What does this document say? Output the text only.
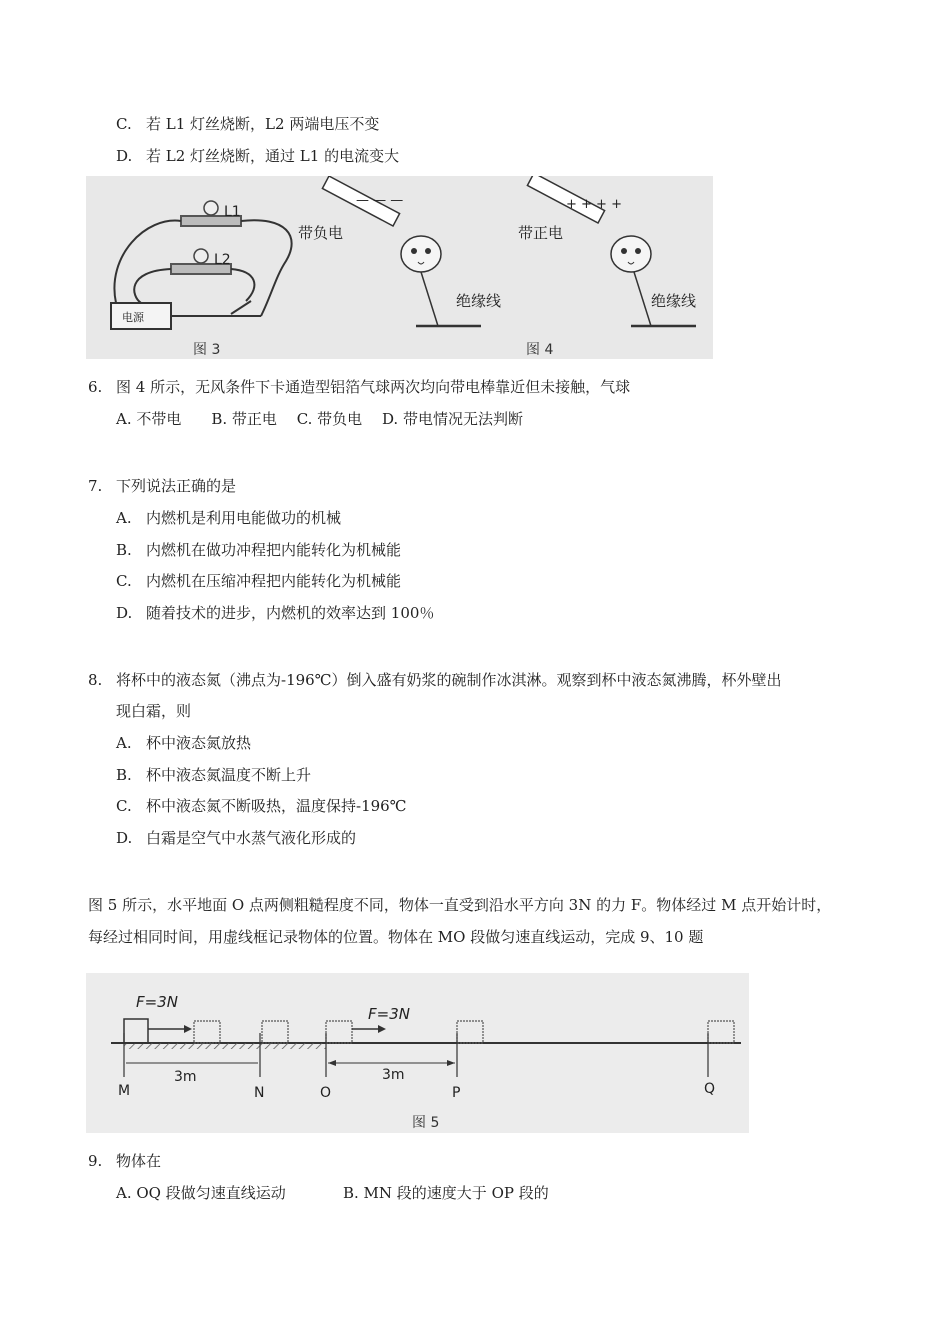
C. 若 L1 灯丝烧断，L2 两端电压不变
D. 若 L2 灯丝烧断，通过 L1 的电流变大
L1
L2
电源
图 3
— — —
带负电
绝缘线
图 4
+ + + +
带正电
绝缘线
6. 图 4 所示，无风条件下卡通造型铝箔气球两次均向带电棒靠近但未接触，气球
A. 不带电　　B. 带正电　 C. 带负电　 D. 带电情况无法判断
7. 下列说法正确的是
A. 内燃机是利用电能做功的机械
B. 内燃机在做功冲程把内能转化为机械能
C. 内燃机在压缩冲程把内能转化为机械能
D. 随着技术的进步，内燃机的效率达到 100％
8. 将杯中的液态氮（沸点为-196℃）倒入盛有奶浆的碗制作冰淇淋。观察到杯中液态氮沸腾，杯外壁出
现白霜，则
A. 杯中液态氮放热
B. 杯中液态氮温度不断上升
C. 杯中液态氮不断吸热，温度保持-196℃
D. 白霜是空气中水蒸气液化形成的
图 5 所示，水平地面 O 点两侧粗糙程度不同，物体一直受到沿水平方向 3N 的力 F。物体经过 M 点开始计时，
每经过相同时间，用虚线框记录物体的位置。物体在 MO 段做匀速直线运动，完成 9、10 题
F=3N
F=3N
3m	3m
M	N	O	P	Q
图 5
9. 物体在
A. OQ 段做匀速直线运动	B. MN 段的速度大于 OP 段的
